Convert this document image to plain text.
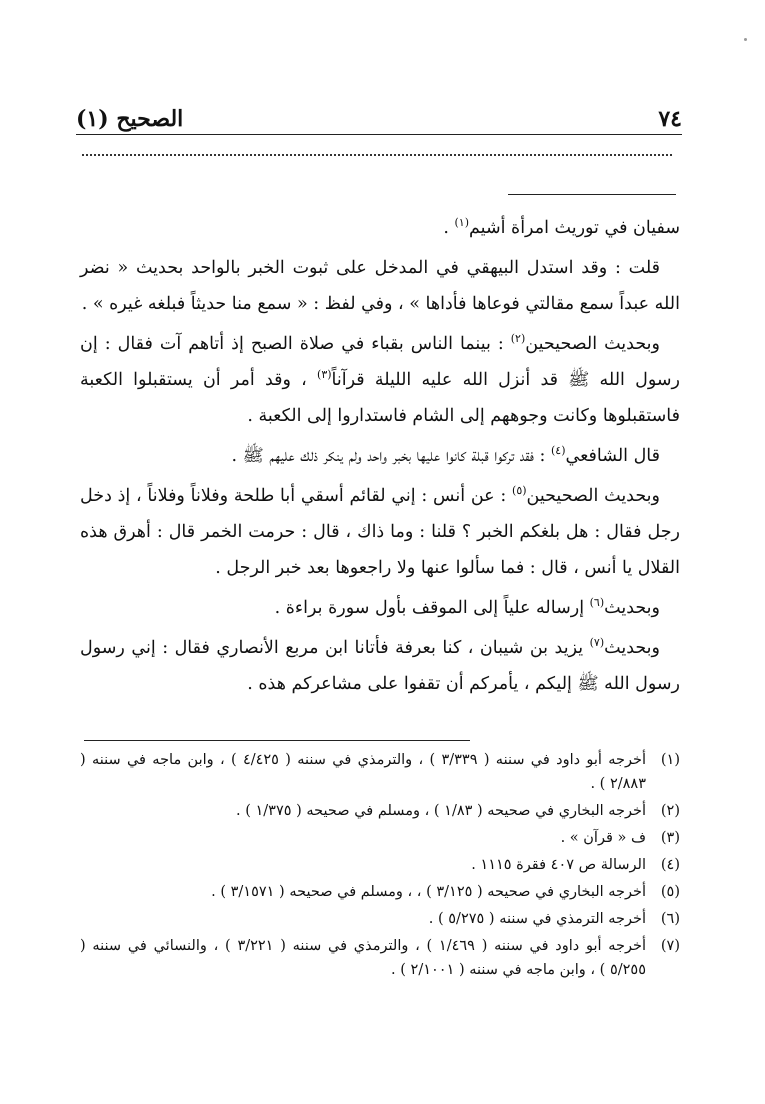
(١) الصحيح	٧٤

سفيان في توريث امرأة أشيم$^{(١)}$ .

قلت : وقد استدل البيهقي في المدخل على ثبوت الخبر بالواحد بحديث « نضر الله عبداً سمع مقالتي فوعاها فأداها » ، وفي لفظ : « سمع منا حديثاً فبلغه غيره » .

وبحديث الصحيحين$^{(٢)}$ : بينما الناس بقباء في صلاة الصبح إذ أتاهم آت فقال : إن رسول الله ﷺ قد أنزل الله عليه الليلة قرآناً$^{(٣)}$ ، وقد أمر أن يستقبلوا الكعبة فاستقبلوها وكانت وجوههم إلى الشام فاستداروا إلى الكعبة .

قال الشافعي$^{(٤)}$ : فقد تركوا قبلة كانوا عليها بخبر واحد ولم ينكر ذلك عليهم ﷺ .

وبحديث الصحيحين$^{(٥)}$ : عن أنس : إني لقائم أسقي أبا طلحة وفلاناً وفلاناً ، إذ دخل رجل فقال : هل بلغكم الخبر ؟ قلنا : وما ذاك ، قال : حرمت الخمر قال : أهرق هذه القلال يا أنس ، قال : فما سألوا عنها ولا راجعوها بعد خبر الرجل .

وبحديث$^{(٦)}$ إرساله علياً إلى الموقف بأول سورة براءة .

وبحديث$^{(٧)}$ يزيد بن شيبان ، كنا بعرفة فأتانا ابن مربع الأنصاري فقال : إني رسول رسول الله ﷺ إليكم ، يأمركم أن تقفوا على مشاعركم هذه .

(١)
أخرجه أبو داود في سننه ( ٣/٣٣٩ ) ، والترمذي في سننه ( ٤/٤٢٥ ) ، وابن ماجه في سننه ( ٢/٨٨٣ ) .
(٢)
أخرجه البخاري في صحيحه ( ١/٨٣ ) ، ومسلم في صحيحه ( ١/٣٧٥ ) .
(٣)
ف « قرآن » .
(٤)
الرسالة ص ٤٠٧ فقرة ١١١٥ .
(٥)
أخرجه البخاري في صحيحه ( ٣/١٢٥ ) ، ، ومسلم في صحيحه ( ٣/١٥٧١ ) .
(٦)
أخرجه الترمذي في سننه ( ٥/٢٧٥ ) .
(٧)
أخرجه أبو داود في سننه ( ١/٤٦٩ ) ، والترمذي في سننه ( ٣/٢٢١ ) ، والنسائي في سننه ( ٥/٢٥٥ ) ، وابن ماجه في سننه ( ٢/١٠٠١ ) .
